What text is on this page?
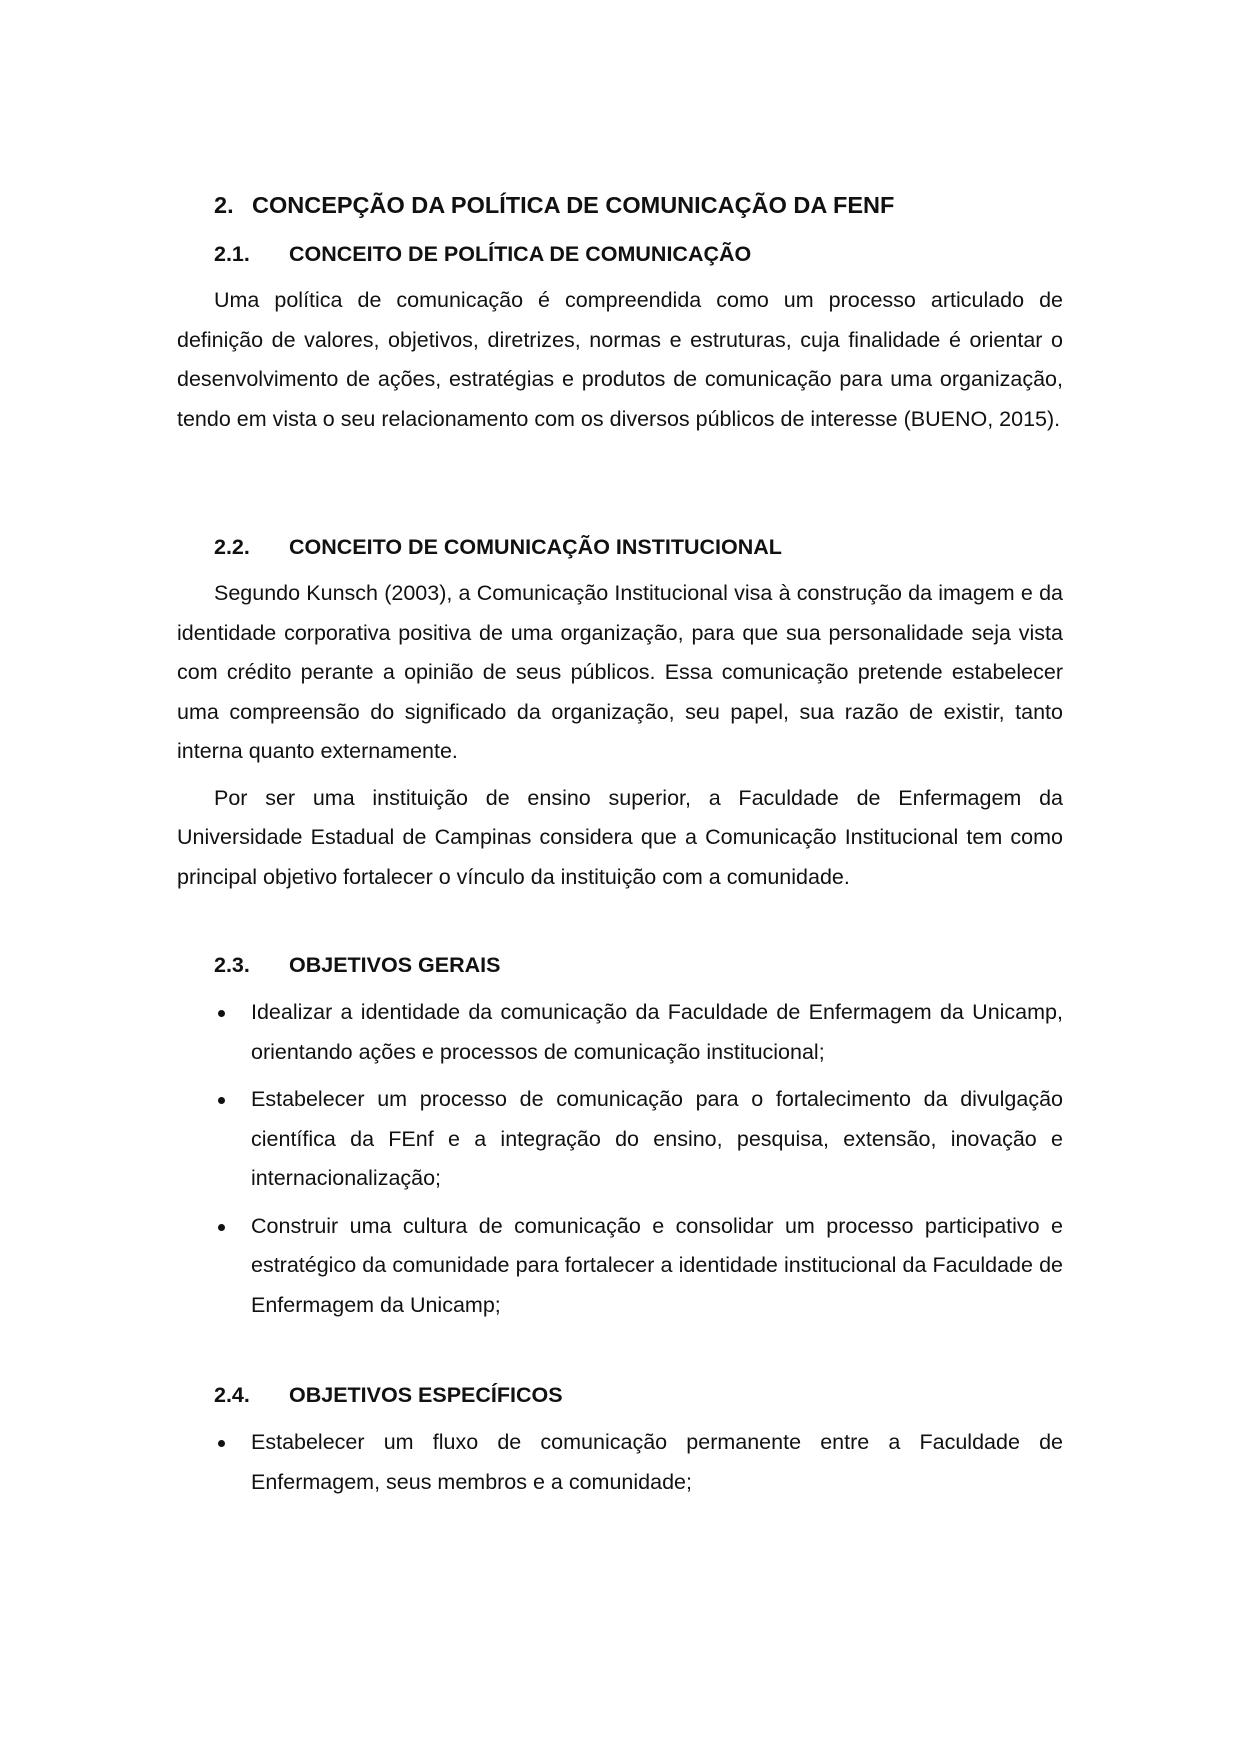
2. CONCEPÇÃO DA POLÍTICA DE COMUNICAÇÃO DA FENF
2.1. CONCEITO DE POLÍTICA DE COMUNICAÇÃO

Uma política de comunicação é compreendida como um processo articulado de definição de valores, objetivos, diretrizes, normas e estruturas, cuja finalidade é orientar o desenvolvimento de ações, estratégias e produtos de comunicação para uma organização, tendo em vista o seu relacionamento com os diversos públicos de interesse (BUENO, 2015).

2.2. CONCEITO DE COMUNICAÇÃO INSTITUCIONAL

Segundo Kunsch (2003), a Comunicação Institucional visa à construção da imagem e da identidade corporativa positiva de uma organização, para que sua personalidade seja vista com crédito perante a opinião de seus públicos. Essa comunicação pretende estabelecer uma compreensão do significado da organização, seu papel, sua razão de existir, tanto interna quanto externamente.

Por ser uma instituição de ensino superior, a Faculdade de Enfermagem da Universidade Estadual de Campinas considera que a Comunicação Institucional tem como principal objetivo fortalecer o vínculo da instituição com a comunidade.

2.3. OBJETIVOS GERAIS
Idealizar a identidade da comunicação da Faculdade de Enfermagem da Unicamp, orientando ações e processos de comunicação institucional;
Estabelecer um processo de comunicação para o fortalecimento da divulgação científica da FEnf e a integração do ensino, pesquisa, extensão, inovação e internacionalização;
Construir uma cultura de comunicação e consolidar um processo participativo e estratégico da comunidade para fortalecer a identidade institucional da Faculdade de Enfermagem da Unicamp;
2.4. OBJETIVOS ESPECÍFICOS
Estabelecer um fluxo de comunicação permanente entre a Faculdade de Enfermagem, seus membros e a comunidade;
